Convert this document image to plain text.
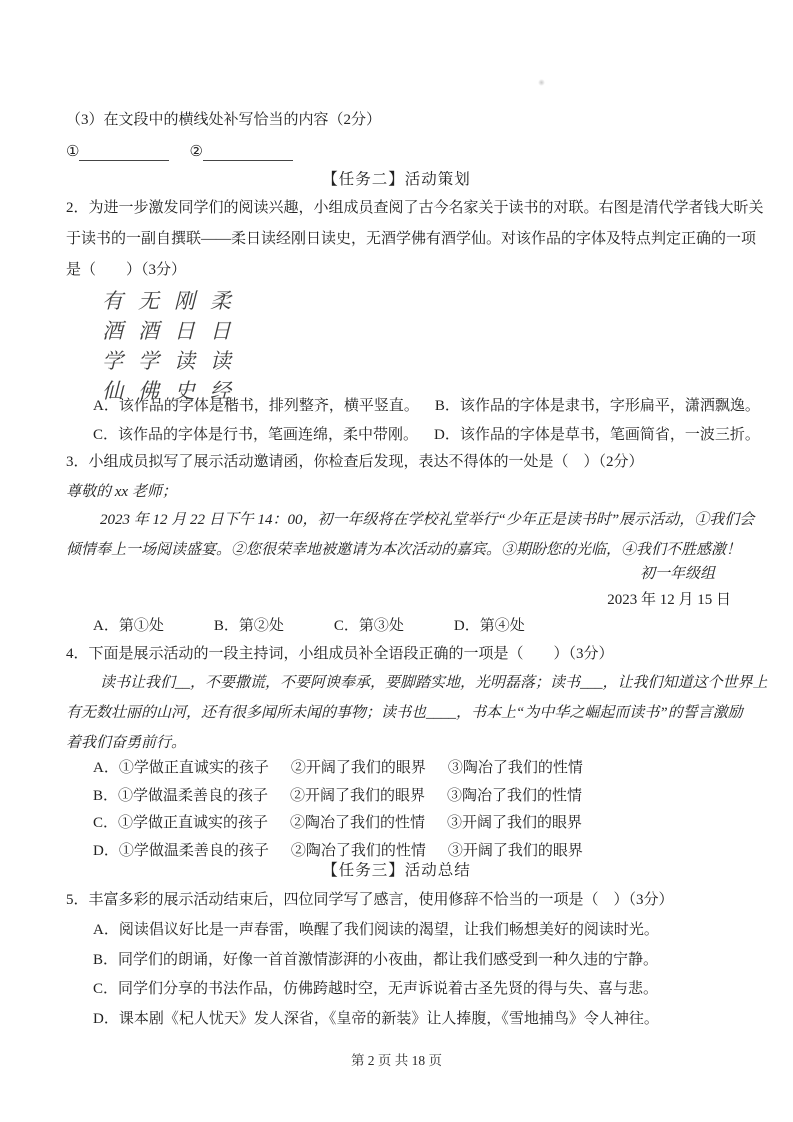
（3）在文段中的横线处补写恰当的内容（2分）
①	②
【任务二】活动策划
2．为进一步激发同学们的阅读兴趣，小组成员查阅了古今名家关于读书的对联。右图是清代学者钱大昕关
于读书的一副自撰联——柔日读经刚日读史，无酒学佛有酒学仙。对该作品的字体及特点判定正确的一项
是（　　）（3分）
有无刚柔
酒酒日日
学学读读
仙佛史经
A．该作品的字体是楷书，排列整齐，横平竖直。 B．该作品的字体是隶书，字形扁平，潇洒飘逸。
C．该作品的字体是行书，笔画连绵，柔中带刚。 D．该作品的字体是草书，笔画简省，一波三折。
3．小组成员拟写了展示活动邀请函，你检查后发现，表达不得体的一处是（　）（2分）
尊敬的 xx 老师；
2023 年 12 月 22 日下午 14：00，初一年级将在学校礼堂举行“少年正是读书时”展示活动，①我们会
倾情奉上一场阅读盛宴。②您很荣幸地被邀请为本次活动的嘉宾。③期盼您的光临，④我们不胜感激！
初一年级组
2023 年 12 月 15 日
A．第①处	B．第②处	C．第③处	D．第④处
4．下面是展示活动的一段主持词，小组成员补全语段正确的一项是（　　）（3分）
读书让我们__，不要撒谎，不要阿谀奉承，要脚踏实地，光明磊落；读书___，让我们知道这个世界上
有无数壮丽的山河，还有很多闻所未闻的事物；读书也____，书本上“为中华之崛起而读书”的誓言激励
着我们奋勇前行。
A．①学做正直诚实的孩子 ②开阔了我们的眼界 ③陶冶了我们的性情
B．①学做温柔善良的孩子 ②开阔了我们的眼界 ③陶冶了我们的性情
C．①学做正直诚实的孩子 ②陶冶了我们的性情 ③开阔了我们的眼界
D．①学做温柔善良的孩子 ②陶冶了我们的性情 ③开阔了我们的眼界
【任务三】活动总结
5．丰富多彩的展示活动结束后，四位同学写了感言，使用修辞不恰当的一项是（　）（3分）
A．阅读倡议好比是一声春雷，唤醒了我们阅读的渴望，让我们畅想美好的阅读时光。
B．同学们的朗诵，好像一首首激情澎湃的小夜曲，都让我们感受到一种久违的宁静。
C．同学们分享的书法作品，仿佛跨越时空，无声诉说着古圣先贤的得与失、喜与悲。
D．课本剧《杞人忧天》发人深省，《皇帝的新装》让人捧腹，《雪地捕鸟》令人神往。
第 2 页 共 18 页
